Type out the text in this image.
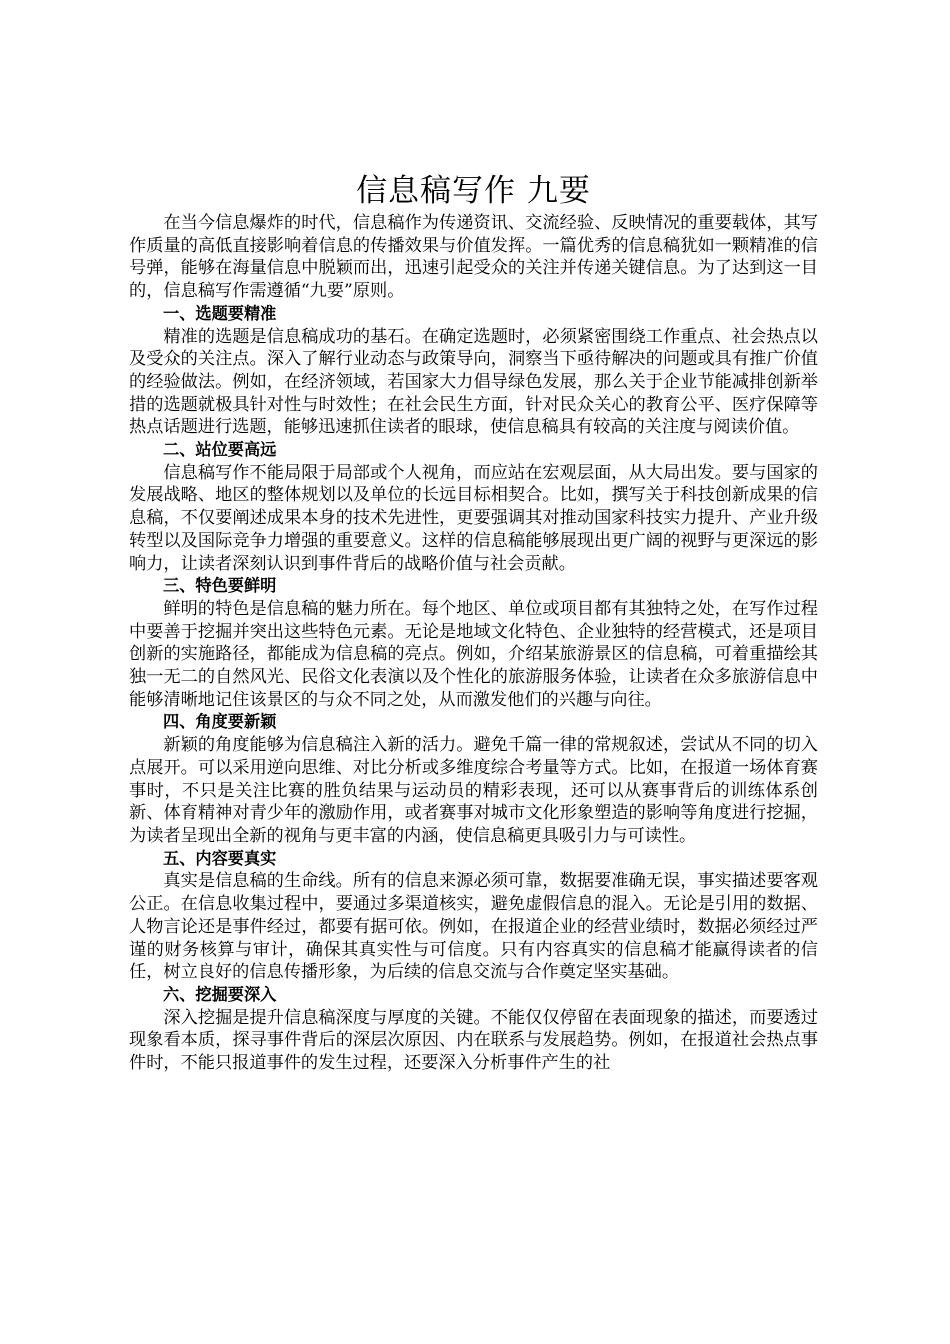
信息稿写作 九要

在当今信息爆炸的时代，信息稿作为传递资讯、交流经验、反映情况的重要载体，其写作质量的高低直接影响着信息的传播效果与价值发挥。一篇优秀的信息稿犹如一颗精准的信号弹，能够在海量信息中脱颖而出，迅速引起受众的关注并传递关键信息。为了达到这一目的，信息稿写作需遵循“九要”原则。

一、选题要精准

精准的选题是信息稿成功的基石。在确定选题时，必须紧密围绕工作重点、社会热点以及受众的关注点。深入了解行业动态与政策导向，洞察当下亟待解决的问题或具有推广价值的经验做法。例如，在经济领域，若国家大力倡导绿色发展，那么关于企业节能减排创新举措的选题就极具针对性与时效性；在社会民生方面，针对民众关心的教育公平、医疗保障等热点话题进行选题，能够迅速抓住读者的眼球，使信息稿具有较高的关注度与阅读价值。

二、站位要高远

信息稿写作不能局限于局部或个人视角，而应站在宏观层面，从大局出发。要与国家的发展战略、地区的整体规划以及单位的长远目标相契合。比如，撰写关于科技创新成果的信息稿，不仅要阐述成果本身的技术先进性，更要强调其对推动国家科技实力提升、产业升级转型以及国际竞争力增强的重要意义。这样的信息稿能够展现出更广阔的视野与更深远的影响力，让读者深刻认识到事件背后的战略价值与社会贡献。

三、特色要鲜明

鲜明的特色是信息稿的魅力所在。每个地区、单位或项目都有其独特之处，在写作过程中要善于挖掘并突出这些特色元素。无论是地域文化特色、企业独特的经营模式，还是项目创新的实施路径，都能成为信息稿的亮点。例如，介绍某旅游景区的信息稿，可着重描绘其独一无二的自然风光、民俗文化表演以及个性化的旅游服务体验，让读者在众多旅游信息中能够清晰地记住该景区的与众不同之处，从而激发他们的兴趣与向往。

四、角度要新颖

新颖的角度能够为信息稿注入新的活力。避免千篇一律的常规叙述，尝试从不同的切入点展开。可以采用逆向思维、对比分析或多维度综合考量等方式。比如，在报道一场体育赛事时，不只是关注比赛的胜负结果与运动员的精彩表现，还可以从赛事背后的训练体系创新、体育精神对青少年的激励作用，或者赛事对城市文化形象塑造的影响等角度进行挖掘，为读者呈现出全新的视角与更丰富的内涵，使信息稿更具吸引力与可读性。

五、内容要真实

真实是信息稿的生命线。所有的信息来源必须可靠，数据要准确无误，事实描述要客观公正。在信息收集过程中，要通过多渠道核实，避免虚假信息的混入。无论是引用的数据、人物言论还是事件经过，都要有据可依。例如，在报道企业的经营业绩时，数据必须经过严谨的财务核算与审计，确保其真实性与可信度。只有内容真实的信息稿才能赢得读者的信任，树立良好的信息传播形象，为后续的信息交流与合作奠定坚实基础。

六、挖掘要深入

深入挖掘是提升信息稿深度与厚度的关键。不能仅仅停留在表面现象的描述，而要透过现象看本质，探寻事件背后的深层次原因、内在联系与发展趋势。例如，在报道社会热点事件时，不能只报道事件的发生过程，还要深入分析事件产生的社
